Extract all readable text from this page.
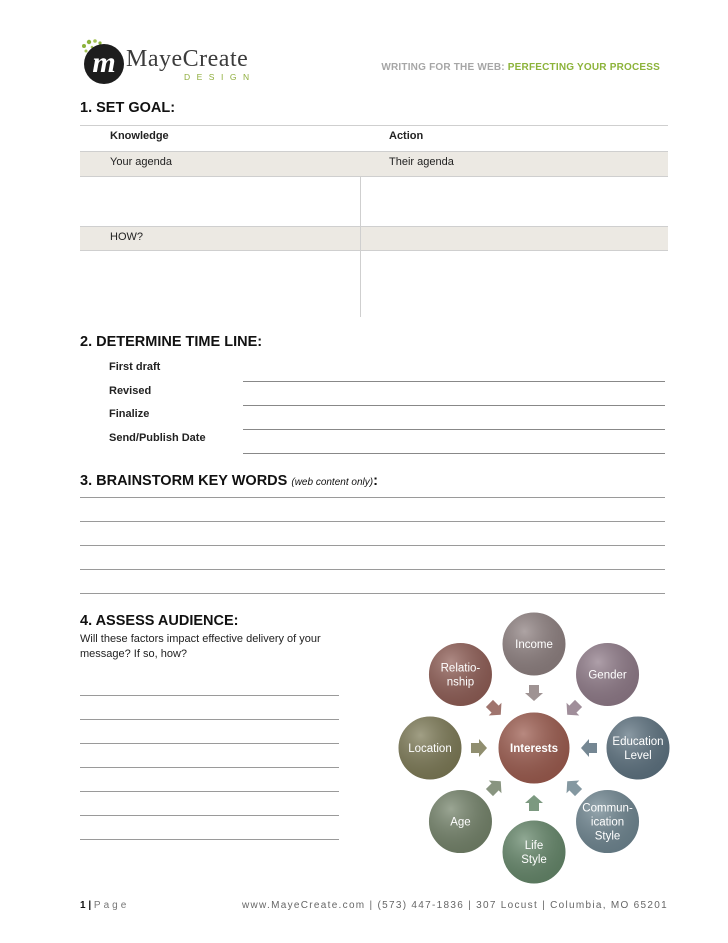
m MayeCreate
DESIGN
WRITING FOR THE WEB: PERFECTING YOUR PROCESS
1. SET GOAL:
Knowledge	Action
Your agenda	Their agenda
HOW?
2. DETERMINE TIME LINE:
First draft
Revised
Finalize
Send/Publish Date
3. BRAINSTORM KEY WORDS (web content only):
4. ASSESS AUDIENCE:
Will these factors impact effective delivery of your message? If so, how?
Income
Gender
Education
Level
Commun-
ication
Style
Life
Style
Age
Location
Relatio-
nship
Interests
1 | Page	www.MayeCreate.com | (573) 447-1836 | 307 Locust | Columbia, MO 65201
